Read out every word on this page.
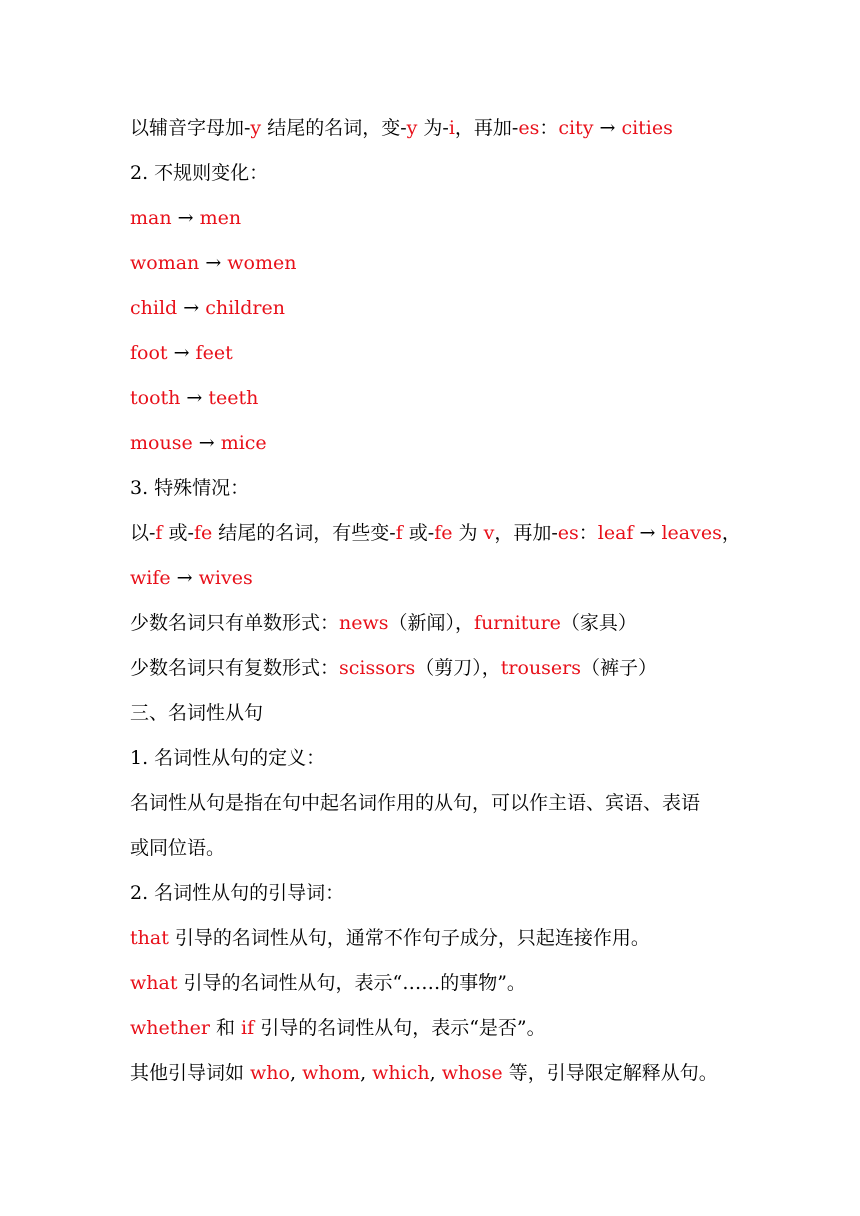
以辅音字母加-y 结尾的名词，变-y 为-i，再加-es：city → cities
2. 不规则变化：
man → men
woman → women
child → children
foot → feet
tooth → teeth
mouse → mice
3. 特殊情况：
以-f 或-fe 结尾的名词，有些变-f 或-fe 为 v，再加-es：leaf → leaves，
wife → wives
少数名词只有单数形式：news（新闻），furniture（家具）
少数名词只有复数形式：scissors（剪刀），trousers（裤子）
三、名词性从句
1. 名词性从句的定义：
名词性从句是指在句中起名词作用的从句，可以作主语、宾语、表语
或同位语。
2. 名词性从句的引导词：
that 引导的名词性从句，通常不作句子成分，只起连接作用。
what 引导的名词性从句，表示“……的事物”。
whether 和 if 引导的名词性从句，表示“是否”。
其他引导词如 who, whom, which, whose 等，引导限定解释从句。
